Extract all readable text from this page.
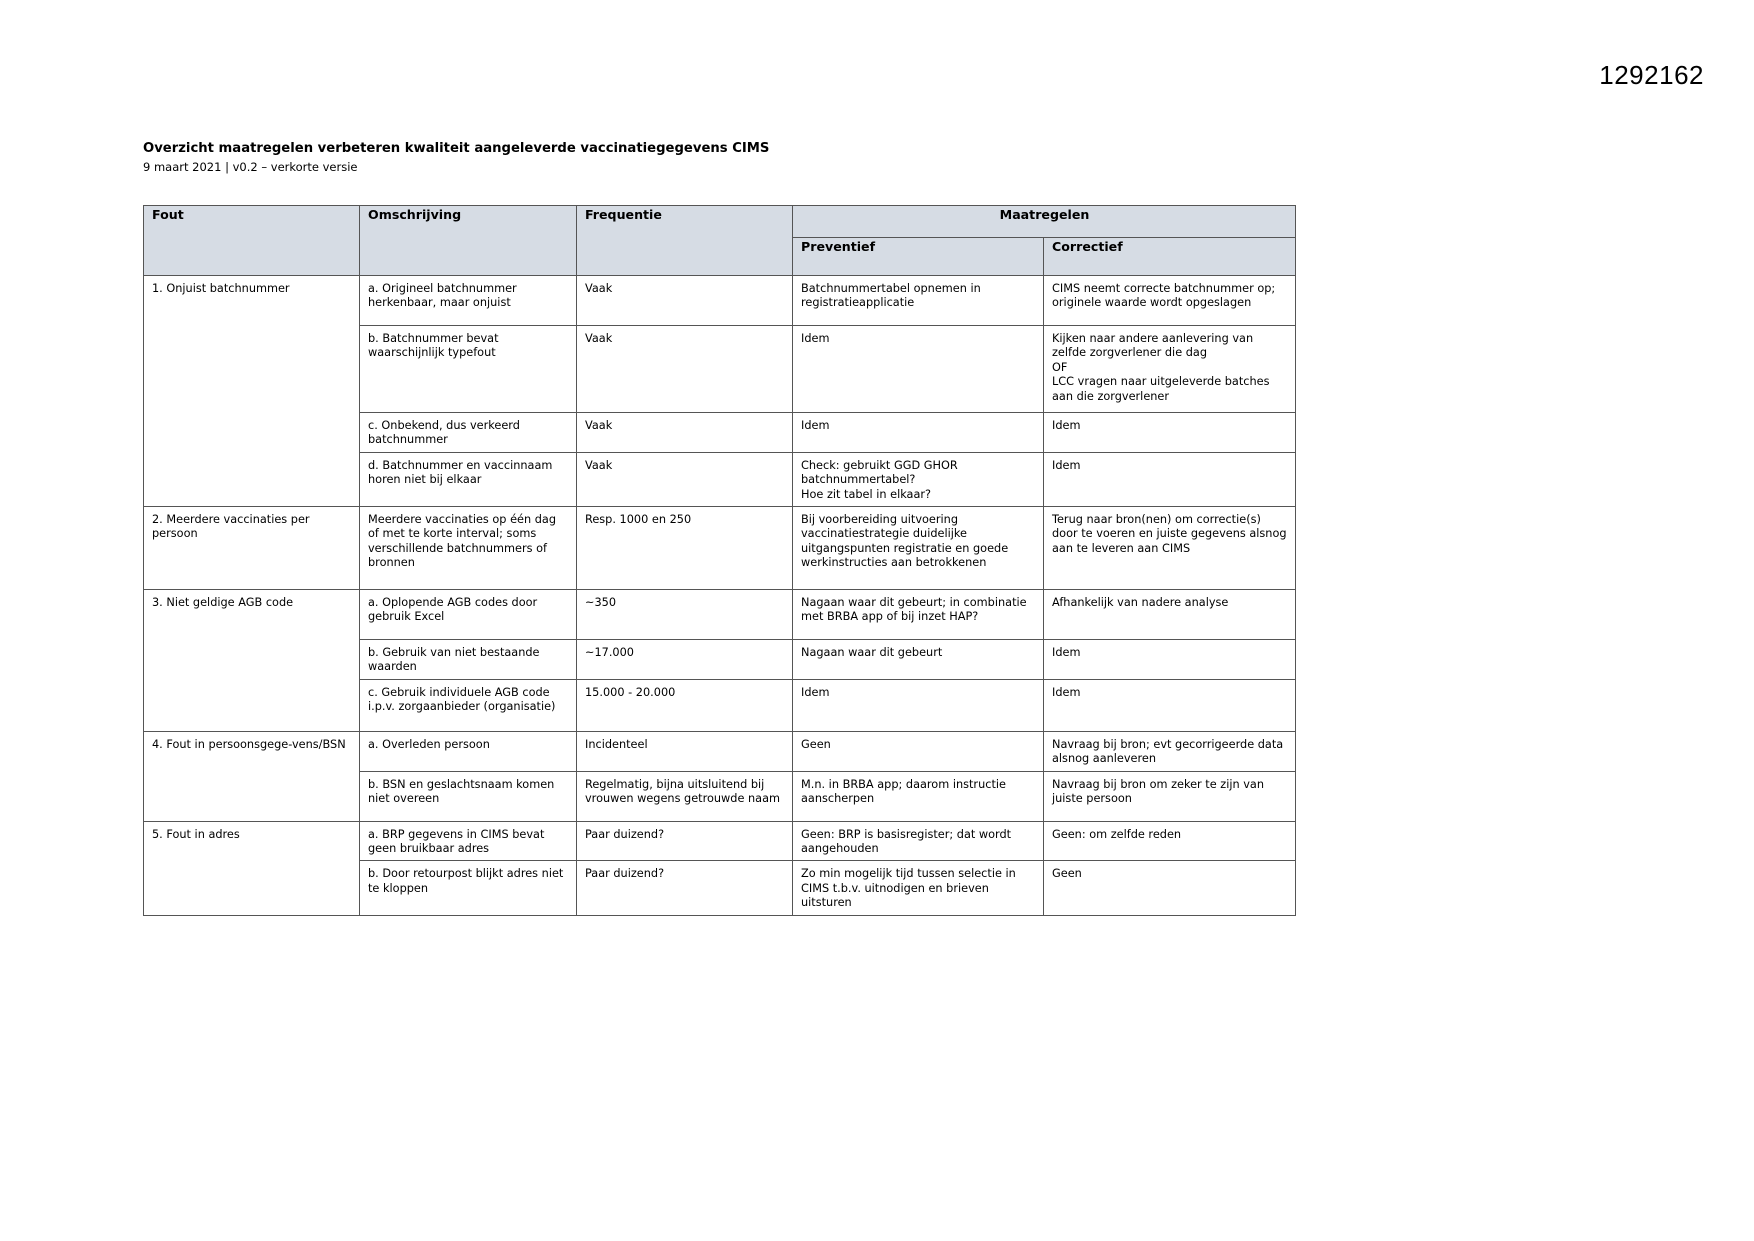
1292162
Overzicht maatregelen verbeteren kwaliteit aangeleverde vaccinatiegegevens CIMS
9 maart 2021 | v0.2 – verkorte versie
Fout	Omschrijving	Frequentie	Maatregelen	
			Preventief	Correctief
1. Onjuist batchnummer	a. Origineel batchnummer herkenbaar, maar onjuist	Vaak	Batchnummertabel opnemen in registratieapplicatie	CIMS neemt correcte batchnummer op; originele waarde wordt opgeslagen
	b. Batchnummer bevat waarschijnlijk typefout	Vaak	Idem	Kijken naar andere aanlevering van zelfde zorgverlener die dag
OF
LCC vragen naar uitgeleverde batches aan die zorgverlener
	c. Onbekend, dus verkeerd batchnummer	Vaak	Idem	Idem
	d. Batchnummer en vaccinnaam horen niet bij elkaar	Vaak	Check: gebruikt GGD GHOR batchnummertabel?
Hoe zit tabel in elkaar?	Idem
2. Meerdere vaccinaties per persoon	Meerdere vaccinaties op één dag of met te korte interval; soms verschillende batchnummers of bronnen	Resp. 1000 en 250	Bij voorbereiding uitvoering vaccinatiestrategie duidelijke uitgangspunten registratie en goede werkinstructies aan betrokkenen	Terug naar bron(nen) om correctie(s) door te voeren en juiste gegevens alsnog aan te leveren aan CIMS
3. Niet geldige AGB code	a. Oplopende AGB codes door gebruik Excel	~350	Nagaan waar dit gebeurt; in combinatie met BRBA app of bij inzet HAP?	Afhankelijk van nadere analyse
	b. Gebruik van niet bestaande waarden	~17.000	Nagaan waar dit gebeurt	Idem
	c. Gebruik individuele AGB code i.p.v. zorgaanbieder (organisatie)	15.000 - 20.000	Idem	Idem
4. Fout in persoonsgege-vens/BSN	a. Overleden persoon	Incidenteel	Geen	Navraag bij bron; evt gecorrigeerde data alsnog aanleveren
	b. BSN en geslachtsnaam komen niet overeen	Regelmatig, bijna uitsluitend bij vrouwen wegens getrouwde naam	M.n. in BRBA app; daarom instructie aanscherpen	Navraag bij bron om zeker te zijn van juiste persoon
5. Fout in adres	a. BRP gegevens in CIMS bevat geen bruikbaar adres	Paar duizend?	Geen: BRP is basisregister; dat wordt aangehouden	Geen: om zelfde reden
	b. Door retourpost blijkt adres niet te kloppen	Paar duizend?	Zo min mogelijk tijd tussen selectie in CIMS t.b.v. uitnodigen en brieven uitsturen	Geen
